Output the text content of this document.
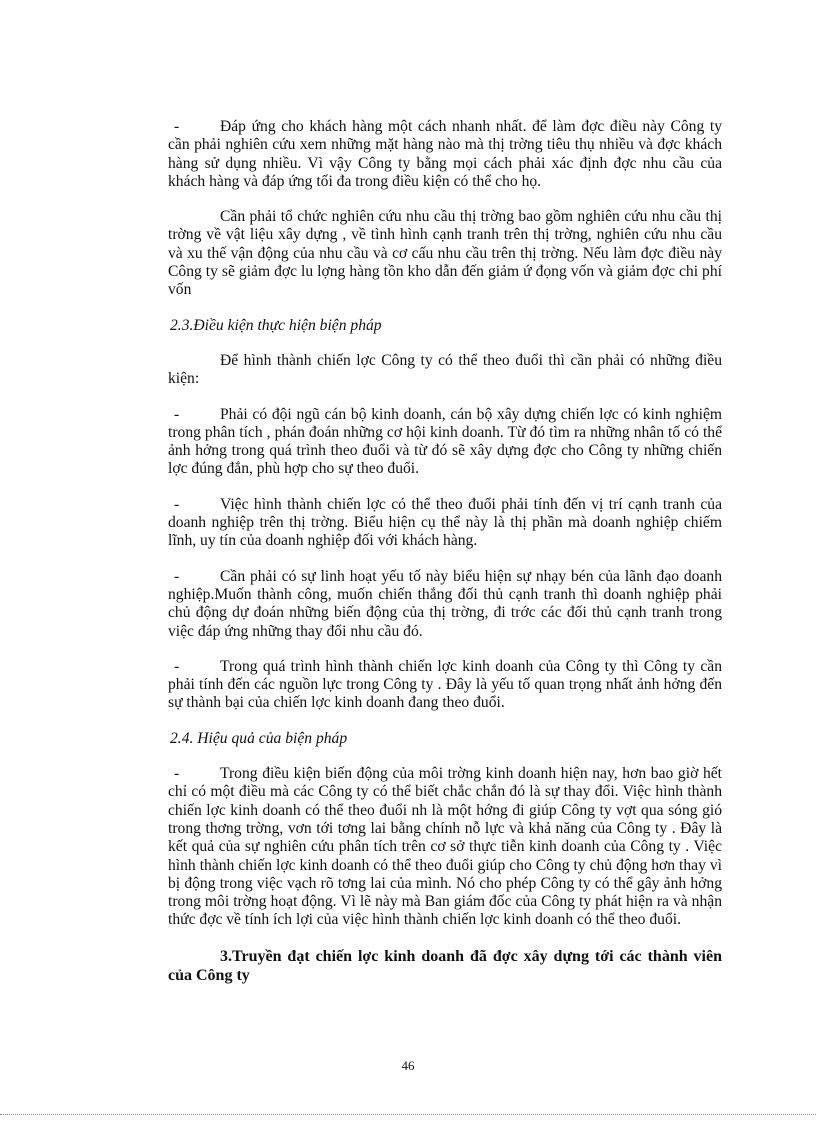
-	Đáp ứng cho khách hàng một cách nhanh nhất. để làm đợc điều này Công ty cần phải nghiên cứu xem những mặt hàng nào mà thị trờng tiêu thụ nhiều và đợc khách hàng sử dụng nhiều. Vì vậy Công ty bằng mọi cách phải xác định đợc nhu cầu của khách hàng và đáp ứng tối đa trong điều kiện có thể cho họ.

Cần phải tổ chức nghiên cứu nhu cầu thị trờng bao gồm nghiên cứu nhu cầu thị trờng về vật liệu xây dựng , về tình hình cạnh tranh trên thị trờng, nghiên cứu nhu cầu và xu thế vận động của nhu cầu và cơ cấu nhu cầu trên thị trờng. Nếu làm đợc điều này Công ty sẽ giảm đợc lu lợng hàng tồn kho dẫn đến giảm ứ đọng vốn và giảm đợc chi phí vốn

2.3.Điều kiện thực hiện biện pháp

Để hình thành chiến lợc Công ty có thể theo đuổi thì cần phải có những điều kiện:

-	Phải có đội ngũ cán bộ kinh doanh, cán bộ xây dựng chiến lợc có kinh nghiệm trong phân tích , phán đoán những cơ hội kinh doanh. Từ đó tìm ra những nhân tố có thể ảnh hởng trong quá trình theo đuổi và từ đó sẽ xây dựng đợc cho Công ty những chiến lợc đúng đắn, phù hợp cho sự theo đuổi.

-	Việc hình thành chiến lợc có thể theo đuổi phải tính đến vị trí cạnh tranh của doanh nghiệp trên thị trờng. Biểu hiện cụ thể này là thị phần mà doanh nghiệp chiếm lĩnh, uy tín của doanh nghiệp đối với khách hàng.

-	Cần phải có sự linh hoạt yếu tố này biểu hiện sự nhạy bén của lãnh đạo doanh nghiệp.Muốn thành công, muốn chiến thắng đối thủ cạnh tranh thì doanh nghiệp phải chủ động dự đoán những biến động của thị trờng, đi trớc các đối thủ cạnh tranh trong việc đáp ứng những thay đổi nhu cầu đó.

-	Trong quá trình hình thành chiến lợc kinh doanh của Công ty thì Công ty cần phải tính đến các nguồn lực trong Công ty . Đây là yếu tố quan trọng nhất ảnh hởng đến sự thành bại của chiến lợc kinh doanh đang theo đuổi.

2.4. Hiệu quả của biện pháp

-	Trong điều kiện biến động của môi trờng kinh doanh hiện nay, hơn bao giờ hết chỉ có một điều mà các Công ty có thể biết chắc chắn đó là sự thay đổi. Việc hình thành chiến lợc kinh doanh có thể theo đuổi nh là một hớng đi giúp Công ty vợt qua sóng gió trong thơng trờng, vơn tới tơng lai bằng chính nỗ lực và khả năng của Công ty . Đây là kết quả của sự nghiên cứu phân tích trên cơ sở thực tiễn kinh doanh của Công ty . Việc hình thành chiến lợc kinh doanh có thể theo đuổi giúp cho Công ty chủ động hơn thay vì bị động trong việc vạch rõ tơng lai của mình. Nó cho phép Công ty có thể gây ảnh hởng trong môi trờng hoạt động. Vì lẽ này mà Ban giám đốc của Công ty phát hiện ra và nhận thức đợc về tính ích lợi của việc hình thành chiến lợc kinh doanh có thể theo đuổi.

3.Truyền đạt chiến lợc kinh doanh đã đợc xây dựng tới các thành viên của Công ty

46
